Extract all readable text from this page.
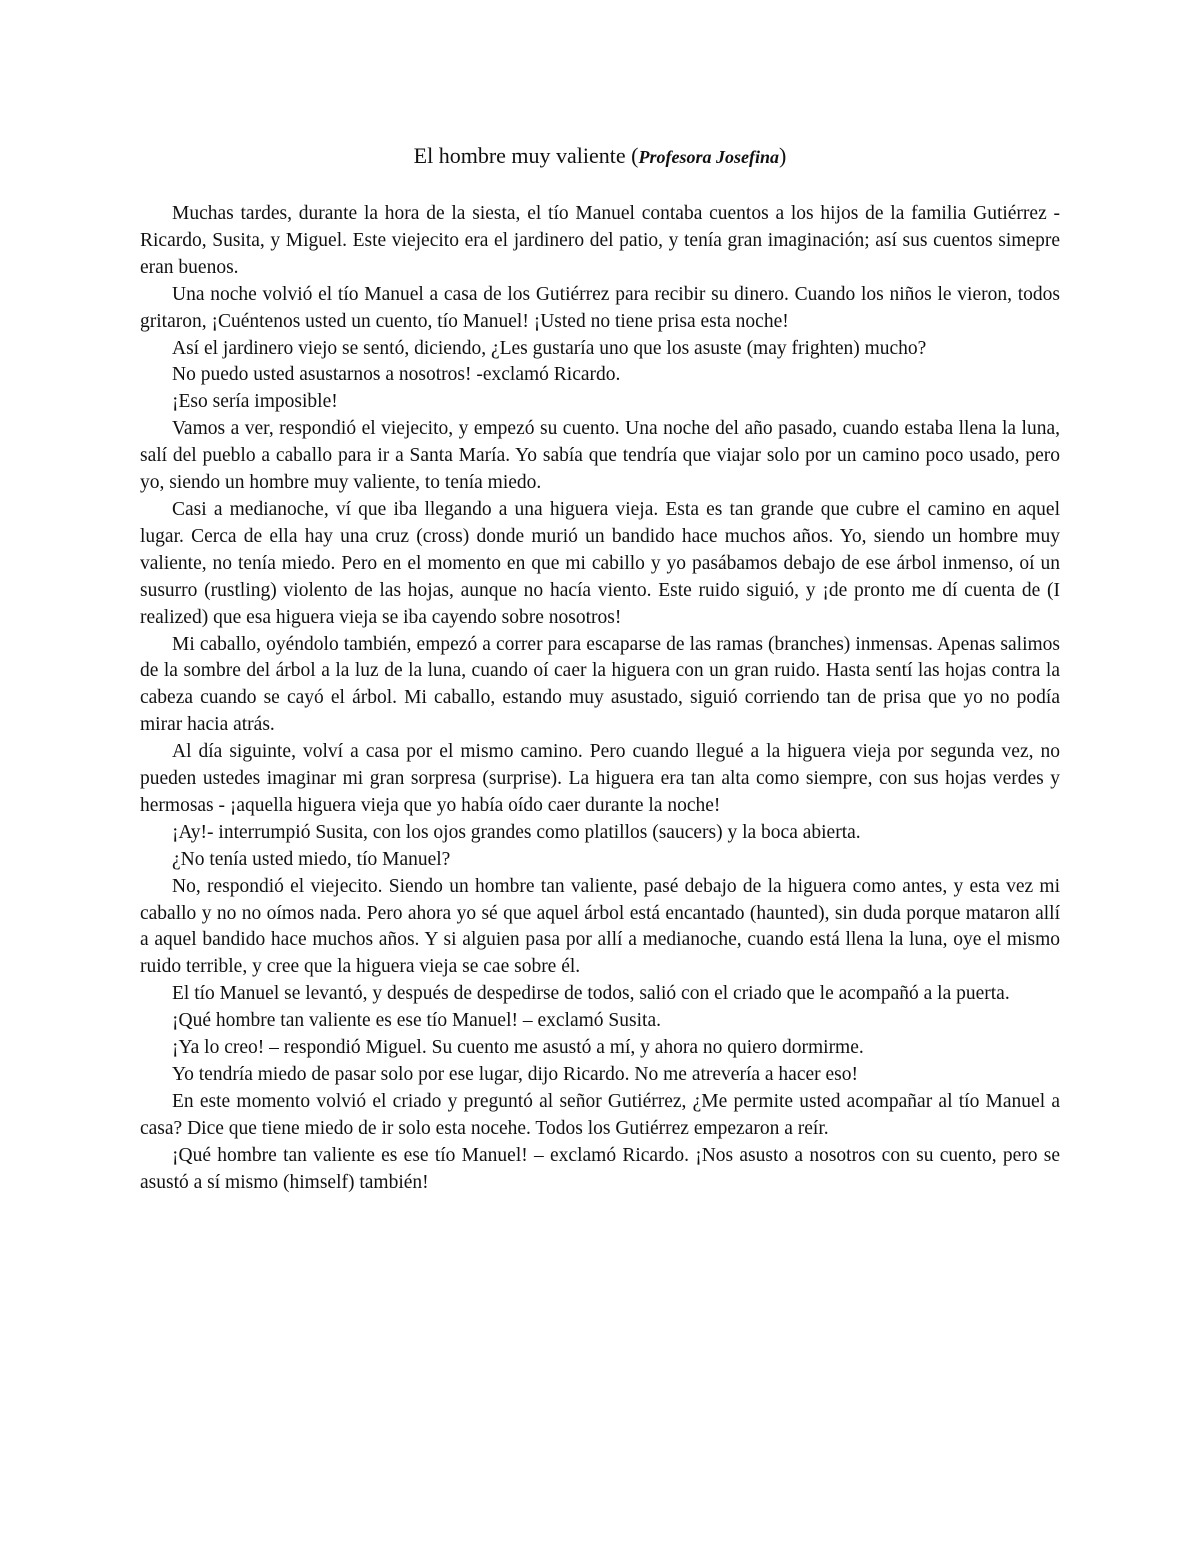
El hombre muy valiente (Profesora Josefina)

Muchas tardes, durante la hora de la siesta, el tío Manuel contaba cuentos a los hijos de la familia Gutiérrez - Ricardo, Susita, y Miguel. Este viejecito era el jardinero del patio, y tenía gran imaginación; así sus cuentos simepre eran buenos.

Una noche volvió el tío Manuel a casa de los Gutiérrez para recibir su dinero. Cuando los niños le vieron, todos gritaron, ¡Cuéntenos usted un cuento, tío Manuel! ¡Usted no tiene prisa esta noche!

Así el jardinero viejo se sentó, diciendo, ¿Les gustaría uno que los asuste (may frighten) mucho?

No puedo usted asustarnos a nosotros! -exclamó Ricardo.

¡Eso sería imposible!

Vamos a ver, respondió el viejecito, y empezó su cuento. Una noche del año pasado, cuando estaba llena la luna, salí del pueblo a caballo para ir a Santa María. Yo sabía que tendría que viajar solo por un camino poco usado, pero yo, siendo un hombre muy valiente, to tenía miedo.

Casi a medianoche, ví que iba llegando a una higuera vieja. Esta es tan grande que cubre el camino en aquel lugar. Cerca de ella hay una cruz (cross) donde murió un bandido hace muchos años. Yo, siendo un hombre muy valiente, no tenía miedo. Pero en el momento en que mi cabillo y yo pasábamos debajo de ese árbol inmenso, oí un susurro (rustling) violento de las hojas, aunque no hacía viento. Este ruido siguió, y ¡de pronto me dí cuenta de (I realized) que esa higuera vieja se iba cayendo sobre nosotros!

Mi caballo, oyéndolo también, empezó a correr para escaparse de las ramas (branches) inmensas. Apenas salimos de la sombre del árbol a la luz de la luna, cuando oí caer la higuera con un gran ruido. Hasta sentí las hojas contra la cabeza cuando se cayó el árbol. Mi caballo, estando muy asustado, siguió corriendo tan de prisa que yo no podía mirar hacia atrás.

Al día siguinte, volví a casa por el mismo camino. Pero cuando llegué a la higuera vieja por segunda vez, no pueden ustedes imaginar mi gran sorpresa (surprise). La higuera era tan alta como siempre, con sus hojas verdes y hermosas - ¡aquella higuera vieja que yo había oído caer durante la noche!

¡Ay!- interrumpió Susita, con los ojos grandes como platillos (saucers) y la boca abierta.

¿No tenía usted miedo, tío Manuel?

No, respondió el viejecito. Siendo un hombre tan valiente, pasé debajo de la higuera como antes, y esta vez mi caballo y no no oímos nada. Pero ahora yo sé que aquel árbol está encantado (haunted), sin duda porque mataron allí a aquel bandido hace muchos años. Y si alguien pasa por allí a medianoche, cuando está llena la luna, oye el mismo ruido terrible, y cree que la higuera vieja se cae sobre él.

El tío Manuel se levantó, y después de despedirse de todos, salió con el criado que le acompañó a la puerta.

¡Qué hombre tan valiente es ese tío Manuel! – exclamó Susita.

¡Ya lo creo! – respondió Miguel. Su cuento me asustó a mí, y ahora no quiero dormirme.

Yo tendría miedo de pasar solo por ese lugar, dijo Ricardo. No me atrevería a hacer eso!

En este momento volvió el criado y preguntó al señor Gutiérrez, ¿Me permite usted acompañar al tío Manuel a casa? Dice que tiene miedo de ir solo esta nocehe. Todos los Gutiérrez empezaron a reír.

¡Qué hombre tan valiente es ese tío Manuel! – exclamó Ricardo. ¡Nos asusto a nosotros con su cuento, pero se asustó a sí mismo (himself) también!
